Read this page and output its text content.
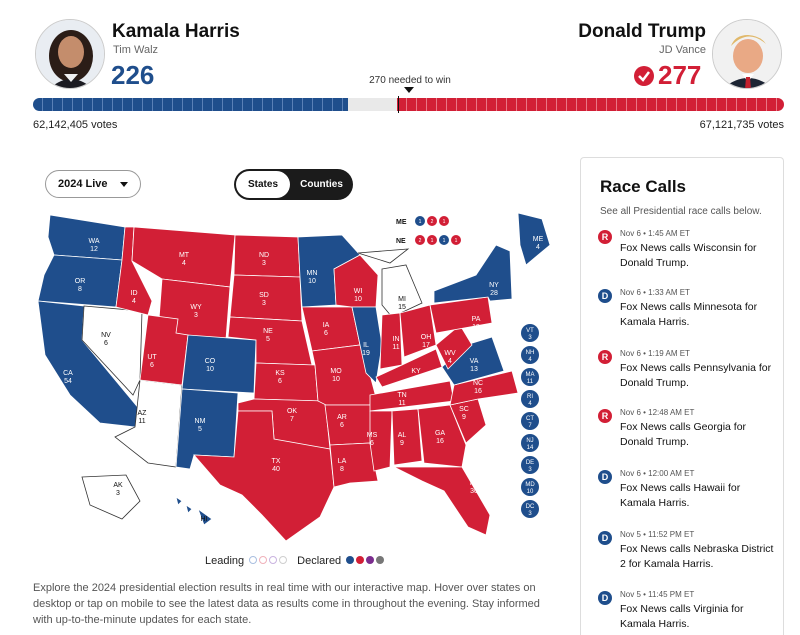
Kamala Harris
Tim Walz
226
Donald Trump
JD Vance
277
270 needed to win
62,142,405 votes	67,121,735 votes
2024 Live	States	Counties
WA
12
OR
8
CA
54
NV
6
AZ
11
ID
4
MT
4
WY
3
UT
6
CO
10
NM
5
ND
3
SD
3
NE
5
KS
6
OK
7
TX
40
MN
10
IA
6
MO
10
AR
6
LA
8
WI
10
IL
19
MI
15
IN
11
OH
17
KY
8
TN
11
MS
6
AL
9
GA
16
FL
30
SC
9
NC
16
VA
13
WV
4
PA
19
NY
28
ME
4
AK
3
HI
VT
3
NH
4
MA
11
RI
4
CT
7
NJ
14
DE
3
MD
10
DC
3
ME 1 2 1
NE	2 1 1 1
Leading	Declared
Explore the 2024 presidential election results in real time with our interactive map. Hover over states on desktop or tap on mobile to see the latest data as results come in throughout the evening. Stay informed with up-to-the-minute updates for each state.
Race Calls
See all Presidential race calls below.
R	Nov 6 • 1:45 AM ET
Fox News calls Wisconsin for Donald Trump.
D	Nov 6 • 1:33 AM ET
Fox News calls Minnesota for Kamala Harris.
R	Nov 6 • 1:19 AM ET
Fox News calls Pennsylvania for Donald Trump.
R	Nov 6 • 12:48 AM ET
Fox News calls Georgia for Donald Trump.
D	Nov 6 • 12:00 AM ET
Fox News calls Hawaii for Kamala Harris.
D	Nov 5 • 11:52 PM ET
Fox News calls Nebraska District 2 for Kamala Harris.
D	Nov 5 • 11:45 PM ET
Fox News calls Virginia for Kamala Harris.
